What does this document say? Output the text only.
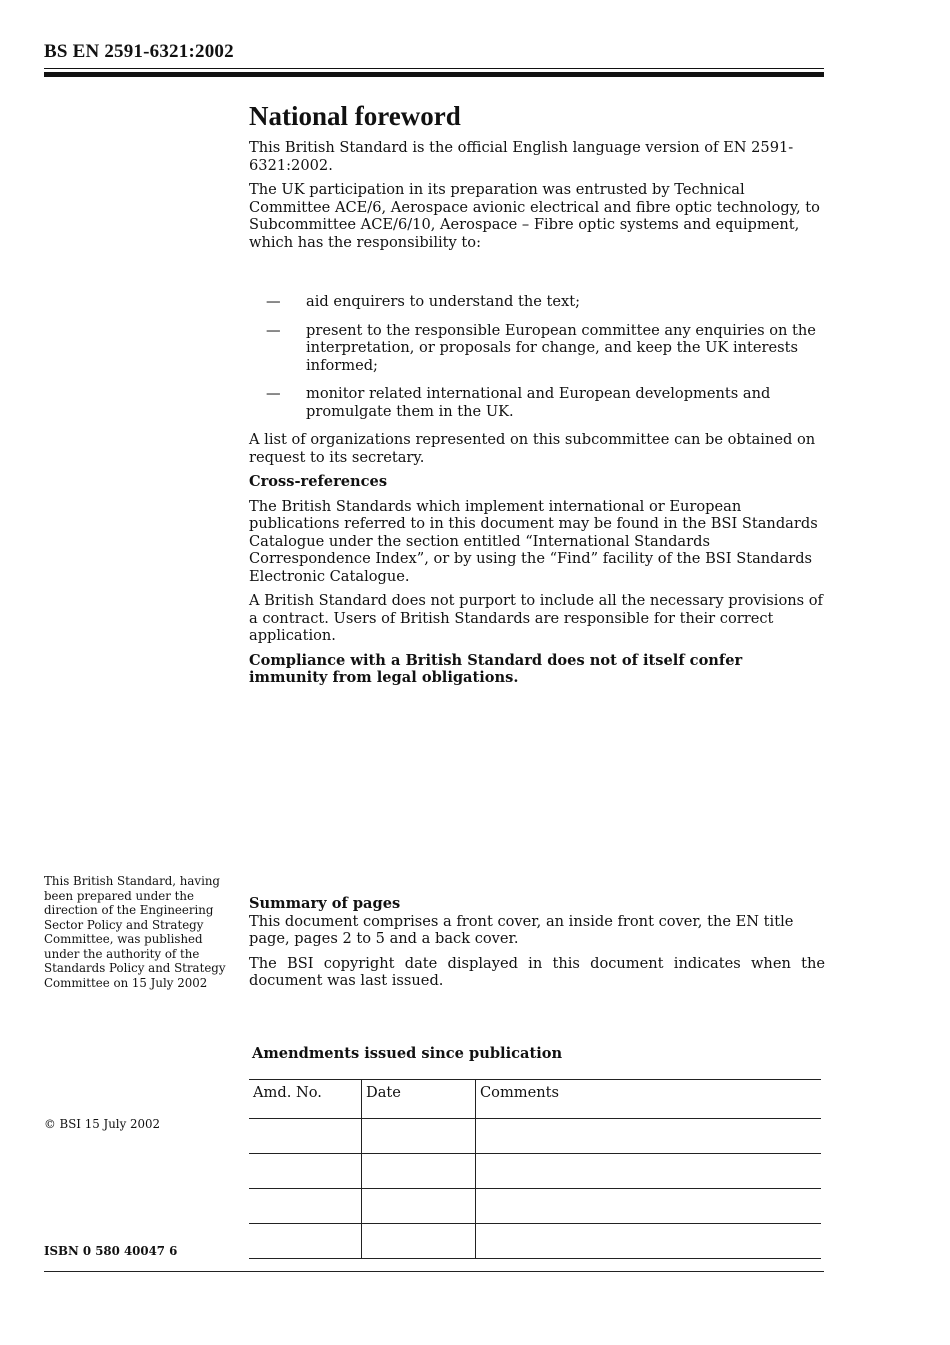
BS EN 2591-6321:2002
National foreword

This British Standard is the official English language version of EN 2591-6321:2002.

The UK participation in its preparation was entrusted by Technical Committee ACE/6, Aerospace avionic electrical and fibre optic technology, to Subcommittee ACE/6/10, Aerospace – Fibre optic systems and equipment, which has the responsibility to:

— aid enquirers to understand the text;
— present to the responsible European committee any enquiries on the interpretation, or proposals for change, and keep the UK interests informed;
— monitor related international and European developments and promulgate them in the UK.

A list of organizations represented on this subcommittee can be obtained on request to its secretary.

Cross-references

The British Standards which implement international or European publications referred to in this document may be found in the BSI Standards Catalogue under the section entitled “International Standards Correspondence Index”, or by using the “Find” facility of the BSI Standards Electronic Catalogue.

A British Standard does not purport to include all the necessary provisions of a contract. Users of British Standards are responsible for their correct application.

Compliance with a British Standard does not of itself confer immunity from legal obligations.

This British Standard, having been prepared under the direction of the Engineering Sector Policy and Strategy Committee, was published under the authority of the Standards Policy and Strategy Committee on 15 July 2002

Summary of pages

This document comprises a front cover, an inside front cover, the EN title page, pages 2 to 5 and a back cover.

The BSI copyright date displayed in this document indicates when the document was last issued.

Amendments issued since publication
Amd. No.	Date	Comments

© BSI 15 July 2002
ISBN 0 580 40047 6
